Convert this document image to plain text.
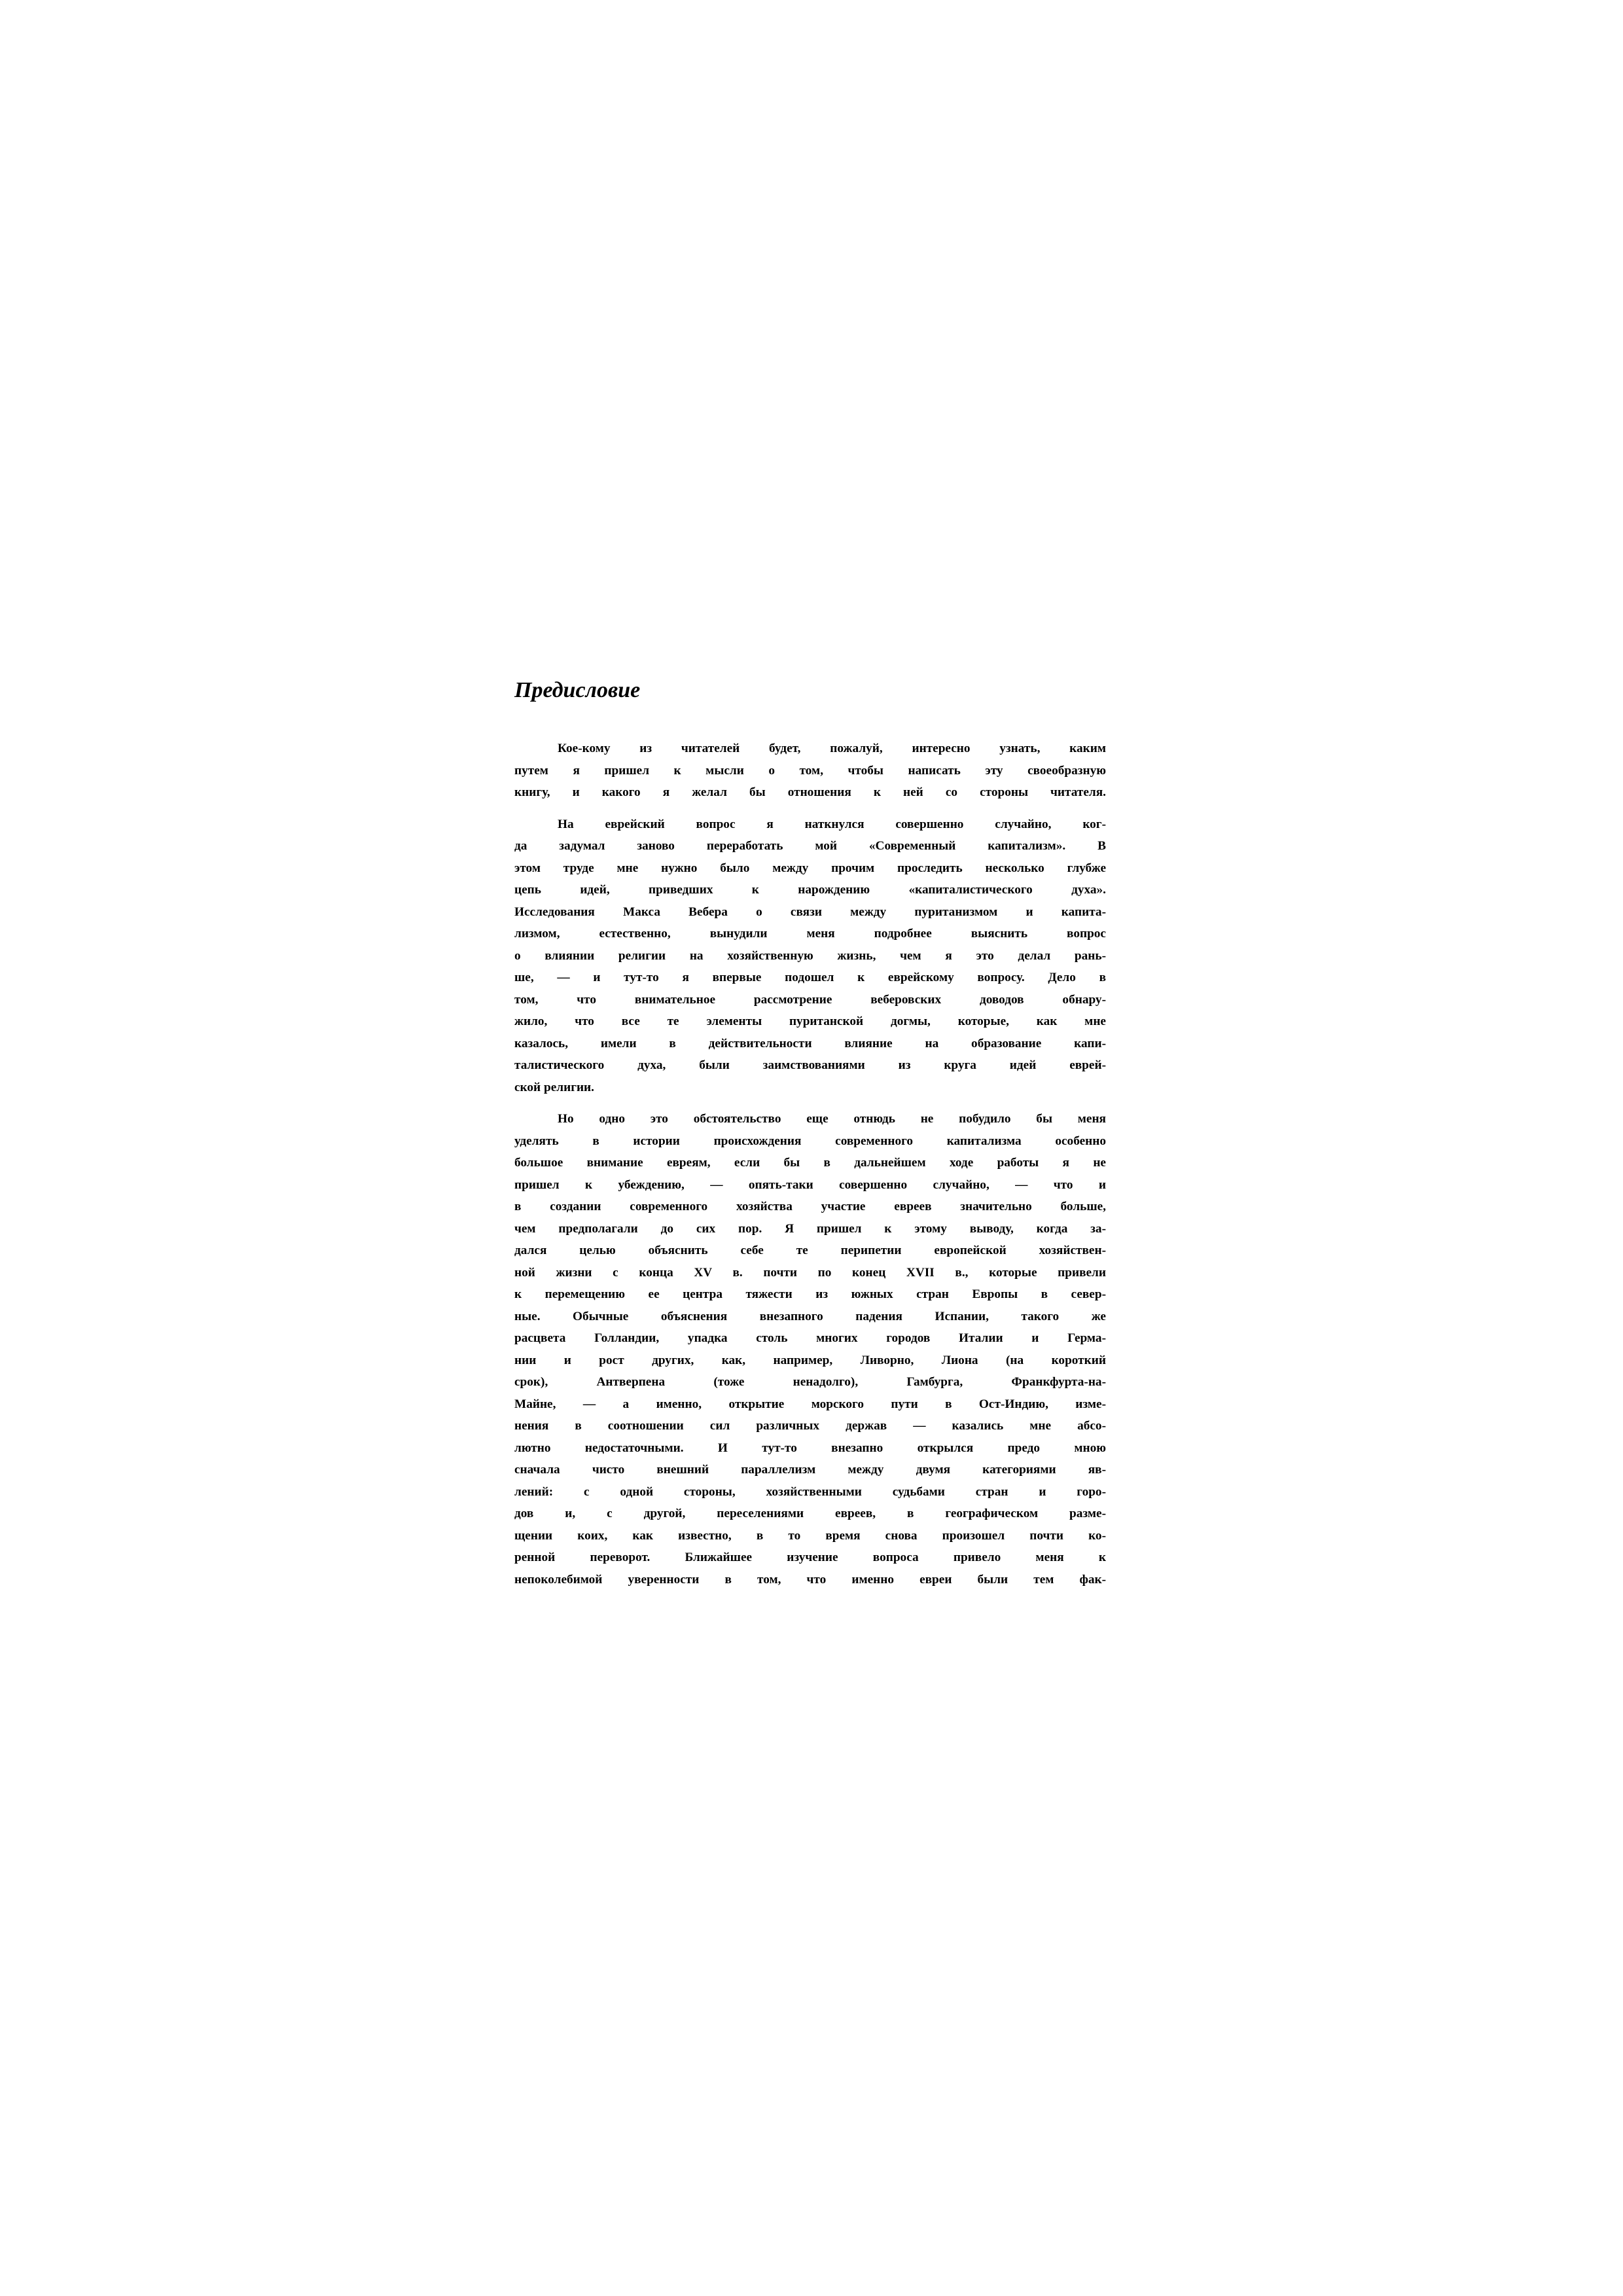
Предисловие
Кое-кому из читателей будет, пожалуй, интересно узнать, каким
путем я пришел к мысли о том, чтобы написать эту своеобразную
книгу, и какого я желал бы отношения к ней со стороны читателя.
На еврейский вопрос я наткнулся совершенно случайно, ког-
да задумал заново переработать мой «Современный капитализм». В
этом труде мне нужно было между прочим проследить несколько глубже
цепь идей, приведших к нарождению «капиталистического духа».
Исследования Макса Вебера о связи между пуританизмом и капита-
лизмом, естественно, вынудили меня подробнее выяснить вопрос
о влиянии религии на хозяйственную жизнь, чем я это делал рань-
ше, — и тут-то я впервые подошел к еврейскому вопросу. Дело в
том, что внимательное рассмотрение веберовских доводов обнару-
жило, что все те элементы пуританской догмы, которые, как мне
казалось, имели в действительности влияние на образование капи-
талистического духа, были заимствованиями из круга идей еврей-
ской религии.
Но одно это обстоятельство еще отнюдь не побудило бы меня
уделять в истории происхождения современного капитализма особенно
большое внимание евреям, если бы в дальнейшем ходе работы я не
пришел к убеждению, — опять-таки совершенно случайно, — что и
в создании современного хозяйства участие евреев значительно больше,
чем предполагали до сих пор. Я пришел к этому выводу, когда за-
дался целью объяснить себе те перипетии европейской хозяйствен-
ной жизни с конца XV в. почти по конец XVII в., которые привели
к перемещению ее центра тяжести из южных стран Европы в север-
ные. Обычные объяснения внезапного падения Испании, такого же
расцвета Голландии, упадка столь многих городов Италии и Герма-
нии и рост других, как, например, Ливорно, Лиона (на короткий
срок), Антверпена (тоже ненадолго), Гамбурга, Франкфурта-на-
Майне, — а именно, открытие морского пути в Ост-Индию, изме-
нения в соотношении сил различных держав — казались мне абсо-
лютно недостаточными. И тут-то внезапно открылся предо мною
сначала чисто внешний параллелизм между двумя категориями яв-
лений: с одной стороны, хозяйственными судьбами стран и горо-
дов и, с другой, переселениями евреев, в географическом разме-
щении коих, как известно, в то время снова произошел почти ко-
ренной переворот. Ближайшее изучение вопроса привело меня к
непоколебимой уверенности в том, что именно евреи были тем фак-
